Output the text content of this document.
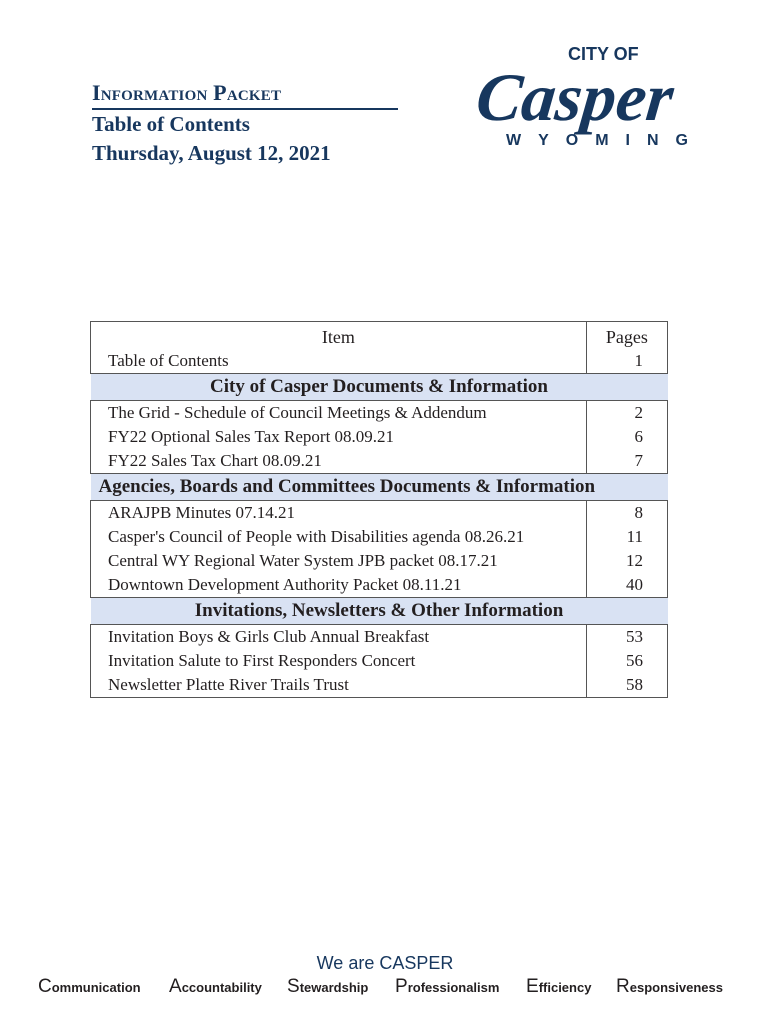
Information Packet
Table of Contents
Thursday, August 12, 2021
CITY OF
Casper
WYOMING
Item	Pages
Table of Contents	1
City of Casper Documents & Information	
The Grid - Schedule of Council Meetings & Addendum	2
FY22 Optional Sales Tax Report 08.09.21	6
FY22 Sales Tax Chart 08.09.21	7
Agencies, Boards and Committees Documents & Information	
ARAJPB Minutes 07.14.21	8
Casper's Council of People with Disabilities agenda 08.26.21	11
Central WY Regional Water System JPB packet 08.17.21	12
Downtown Development Authority Packet 08.11.21	40
Invitations, Newsletters & Other Information	
Invitation Boys & Girls Club Annual Breakfast	53
Invitation Salute to First Responders Concert	56
Newsletter Platte River Trails Trust	58
We are CASPER
Communication Accountability Stewardship Professionalism Efficiency Responsiveness
